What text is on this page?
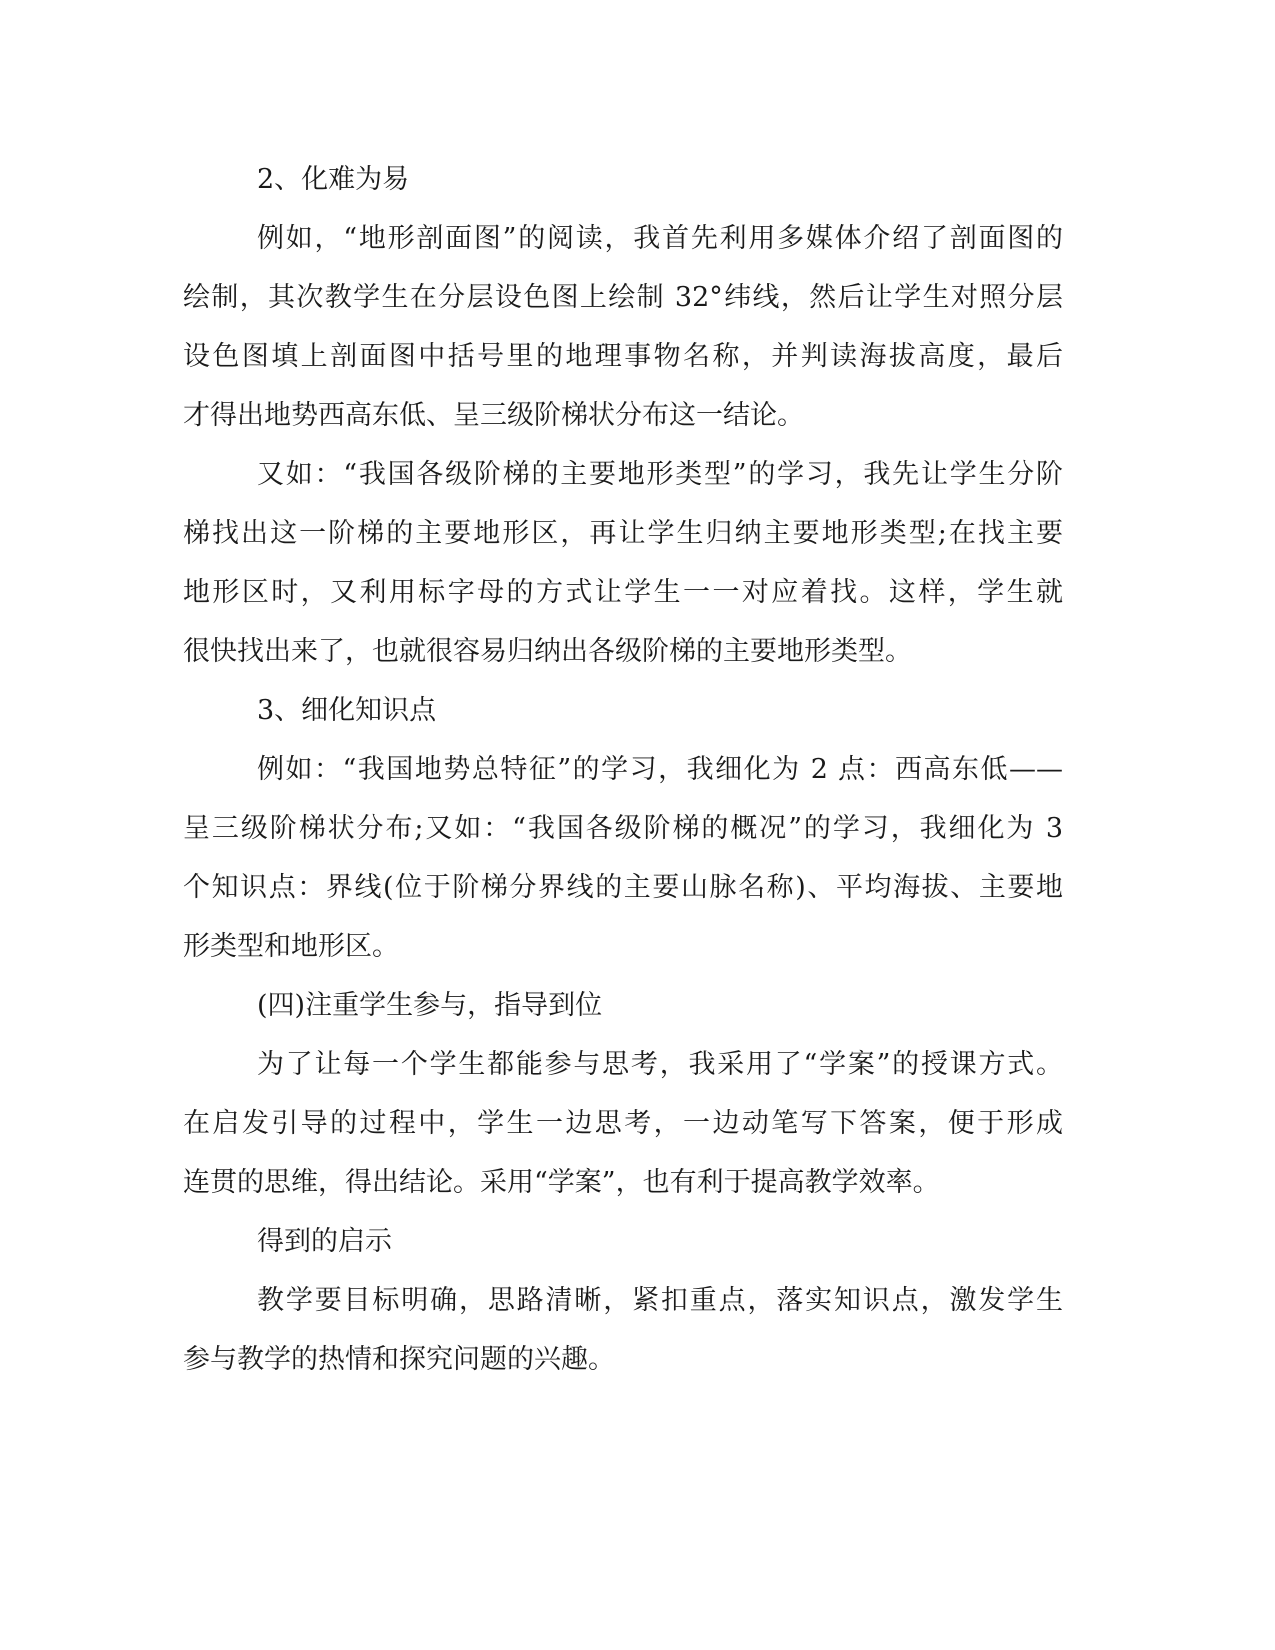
2、化难为易
例如，“地形剖面图”的阅读，我首先利用多媒体介绍了剖面图的
绘制，其次教学生在分层设色图上绘制 32°纬线，然后让学生对照分层
设色图填上剖面图中括号里的地理事物名称，并判读海拔高度，最后
才得出地势西高东低、呈三级阶梯状分布这一结论。
又如：“我国各级阶梯的主要地形类型”的学习，我先让学生分阶
梯找出这一阶梯的主要地形区，再让学生归纳主要地形类型;在找主要
地形区时，又利用标字母的方式让学生一一对应着找。这样，学生就
很快找出来了，也就很容易归纳出各级阶梯的主要地形类型。
3、细化知识点
例如：“我国地势总特征”的学习，我细化为 2 点：西高东低——
呈三级阶梯状分布;又如：“我国各级阶梯的概况”的学习，我细化为 3
个知识点：界线(位于阶梯分界线的主要山脉名称)、平均海拔、主要地
形类型和地形区。
(四)注重学生参与，指导到位
为了让每一个学生都能参与思考，我采用了“学案”的授课方式。
在启发引导的过程中，学生一边思考，一边动笔写下答案，便于形成
连贯的思维，得出结论。采用“学案”，也有利于提高教学效率。
得到的启示
教学要目标明确，思路清晰，紧扣重点，落实知识点，激发学生
参与教学的热情和探究问题的兴趣。
